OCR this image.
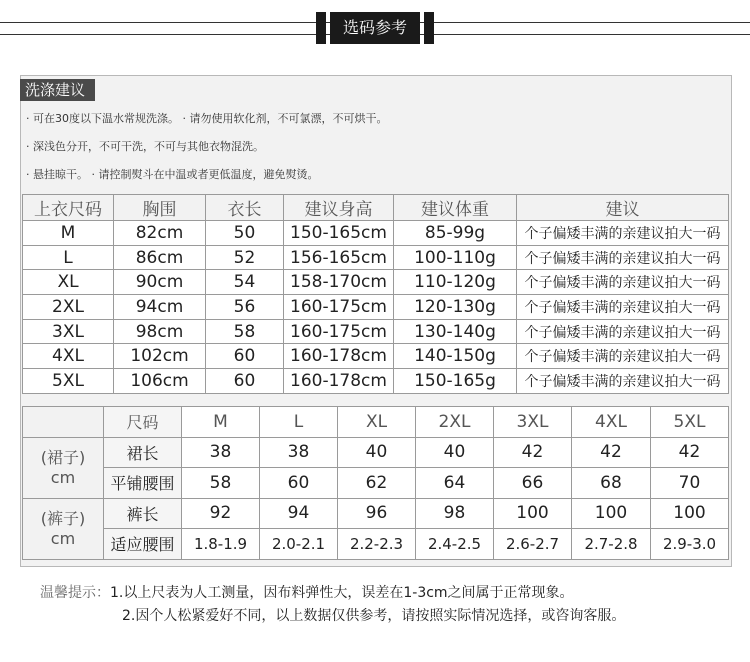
选码参考
洗涤建议
· 可在30度以下温水常规洗涤。 · 请勿使用软化剂，不可氯漂，不可烘干。
· 深浅色分开，不可干洗，不可与其他衣物混洗。
· 悬挂晾干。 · 请控制熨斗在中温或者更低温度，避免熨烫。
上衣尺码	胸围	衣长	建议身高	建议体重	建议
M	82cm	50	150-165cm	85-99g	个子偏矮丰满的亲建议拍大一码
L	86cm	52	156-165cm	100-110g	个子偏矮丰满的亲建议拍大一码
XL	90cm	54	158-170cm	110-120g	个子偏矮丰满的亲建议拍大一码
2XL	94cm	56	160-175cm	120-130g	个子偏矮丰满的亲建议拍大一码
3XL	98cm	58	160-175cm	130-140g	个子偏矮丰满的亲建议拍大一码
4XL	102cm	60	160-178cm	140-150g	个子偏矮丰满的亲建议拍大一码
5XL	106cm	60	160-178cm	150-165g	个子偏矮丰满的亲建议拍大一码
	尺码	M	L	XL	2XL	3XL	4XL	5XL
(裙子)
cm	裙长	38	38	40	40	42	42	42
	平铺腰围	58	60	62	64	66	68	70
(裤子)
cm	裤长	92	94	96	98	100	100	100
	适应腰围	1.8-1.9	2.0-2.1	2.2-2.3	2.4-2.5	2.6-2.7	2.7-2.8	2.9-3.0
温馨提示：1.以上尺表为人工测量，因布料弹性大，误差在1-3cm之间属于正常现象。
2.因个人松紧爱好不同，以上数据仅供参考，请按照实际情况选择，或咨询客服。
